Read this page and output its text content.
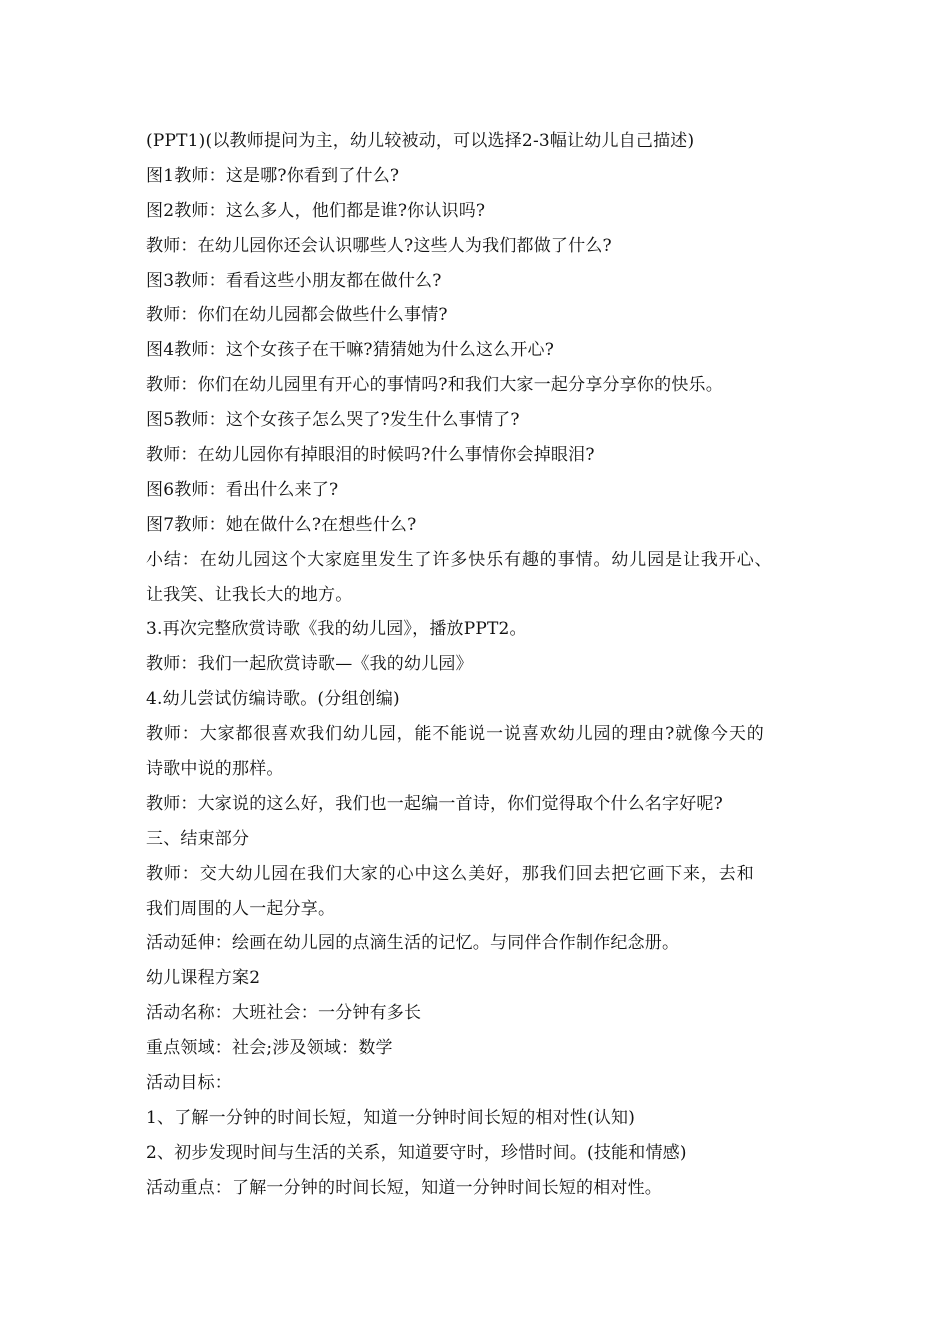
(PPT1)(以教师提问为主，幼儿较被动，可以选择2-3幅让幼儿自己描述)
图1教师：这是哪?你看到了什么?
图2教师：这么多人，他们都是谁?你认识吗?
教师：在幼儿园你还会认识哪些人?这些人为我们都做了什么?
图3教师：看看这些小朋友都在做什么?
教师：你们在幼儿园都会做些什么事情?
图4教师：这个女孩子在干嘛?猜猜她为什么这么开心?
教师：你们在幼儿园里有开心的事情吗?和我们大家一起分享分享你的快乐。
图5教师：这个女孩子怎么哭了?发生什么事情了?
教师：在幼儿园你有掉眼泪的时候吗?什么事情你会掉眼泪?
图6教师：看出什么来了?
图7教师：她在做什么?在想些什么?
小结：在幼儿园这个大家庭里发生了许多快乐有趣的事情。幼儿园是让我开心、
让我笑、让我长大的地方。
3.再次完整欣赏诗歌《我的幼儿园》，播放PPT2。
教师：我们一起欣赏诗歌—《我的幼儿园》
4.幼儿尝试仿编诗歌。(分组创编)
教师：大家都很喜欢我们幼儿园，能不能说一说喜欢幼儿园的理由?就像今天的
诗歌中说的那样。
教师：大家说的这么好，我们也一起编一首诗，你们觉得取个什么名字好呢?
三、结束部分
教师：交大幼儿园在我们大家的心中这么美好，那我们回去把它画下来，去和
我们周围的人一起分享。
活动延伸：绘画在幼儿园的点滴生活的记忆。与同伴合作制作纪念册。
幼儿课程方案2
活动名称：大班社会：一分钟有多长
重点领域：社会;涉及领域：数学
活动目标：
1、了解一分钟的时间长短，知道一分钟时间长短的相对性(认知)
2、初步发现时间与生活的关系，知道要守时，珍惜时间。(技能和情感)
活动重点：了解一分钟的时间长短，知道一分钟时间长短的相对性。
